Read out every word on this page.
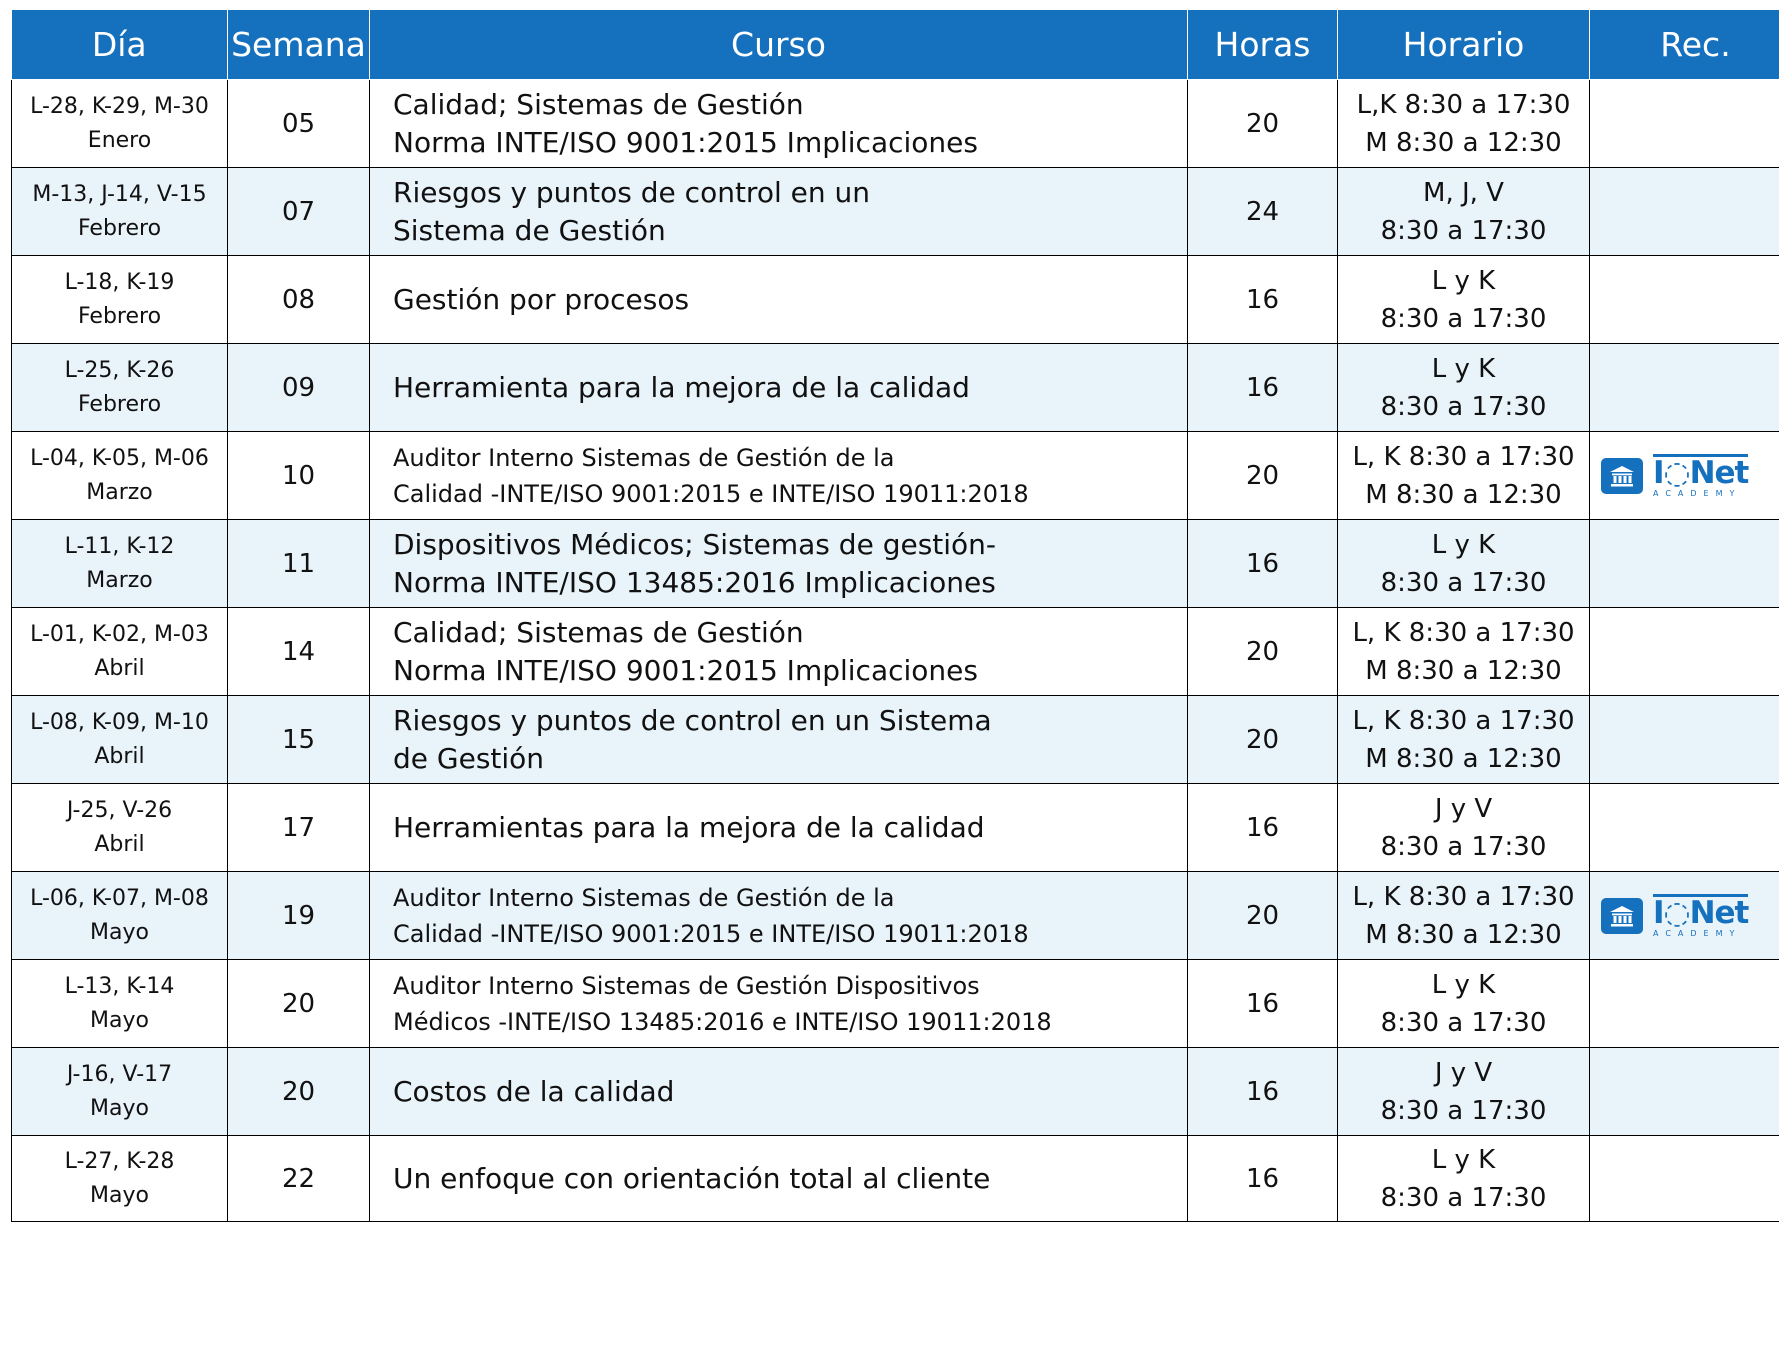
Día	Semana	Curso	Horas	Horario	Rec.

L-28, K-29, M-30
Enero	05	Calidad; Sistemas de Gestión
Norma INTE/ISO 9001:2015 Implicaciones	20	L,K 8:30 a 17:30
M 8:30 a 12:30	

M-13, J-14, V-15
Febrero	07	Riesgos y puntos de control en un
Sistema de Gestión	24	M, J, V
8:30 a 17:30	

L-18, K-19
Febrero	08	Gestión por procesos	16	L y K
8:30 a 17:30	

L-25, K-26
Febrero	09	Herramienta para la mejora de la calidad	16	L y K
8:30 a 17:30	

L-04, K-05, M-06
Marzo	10	Auditor Interno Sistemas de Gestión de la
Calidad -INTE/ISO 9001:2015 e INTE/ISO 19011:2018	20	L, K 8:30 a 17:30
M 8:30 a 12:30	I◌Net
ACADEMY

L-11, K-12
Marzo	11	Dispositivos Médicos; Sistemas de gestión-
Norma INTE/ISO 13485:2016 Implicaciones	16	L y K
8:30 a 17:30	

L-01, K-02, M-03
Abril	14	Calidad; Sistemas de Gestión
Norma INTE/ISO 9001:2015 Implicaciones	20	L, K 8:30 a 17:30
M 8:30 a 12:30	

L-08, K-09, M-10
Abril	15	Riesgos y puntos de control en un Sistema
de Gestión	20	L, K 8:30 a 17:30
M 8:30 a 12:30	

J-25, V-26
Abril	17	Herramientas para la mejora de la calidad	16	J y V
8:30 a 17:30	

L-06, K-07, M-08
Mayo	19	Auditor Interno Sistemas de Gestión de la
Calidad -INTE/ISO 9001:2015 e INTE/ISO 19011:2018	20	L, K 8:30 a 17:30
M 8:30 a 12:30	I◌Net
ACADEMY

L-13, K-14
Mayo	20	Auditor Interno Sistemas de Gestión Dispositivos
Médicos -INTE/ISO 13485:2016 e INTE/ISO 19011:2018	16	L y K
8:30 a 17:30	

J-16, V-17
Mayo	20	Costos de la calidad	16	J y V
8:30 a 17:30	

L-27, K-28
Mayo	22	Un enfoque con orientación total al cliente	16	L y K
8:30 a 17:30	
